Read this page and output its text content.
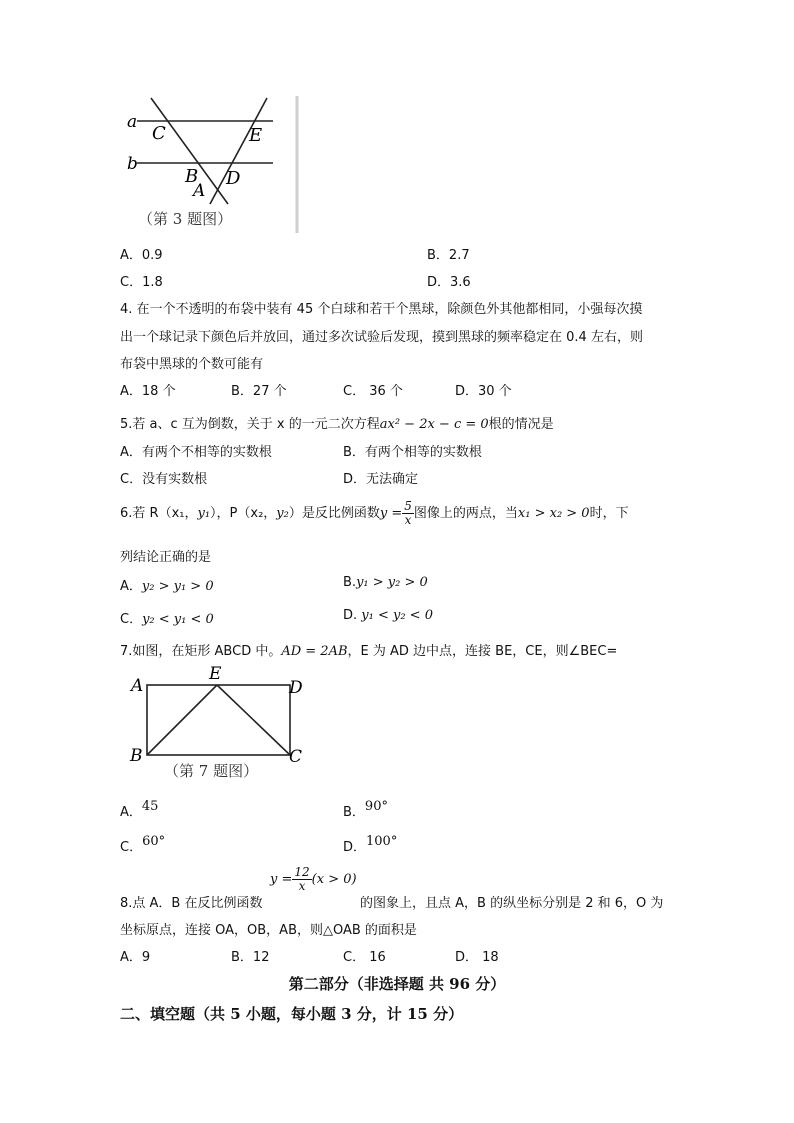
a
b
C	E
B
A
D
（第 3 题图）
A．0.9	B．2.7
C．1.8	D．3.6
4. 在一个不透明的布袋中装有 45 个白球和若干个黑球，除颜色外其他都相同，小强每次摸
出一个球记录下颜色后并放回，通过多次试验后发现，摸到黑球的频率稳定在 0.4 左右，则
布袋中黑球的个数可能有
A．18 个	B．27 个	C． 36 个	D．30 个
5.若 a、c 互为倒数，关于 x 的一元二次方程ax² − 2x − c = 0根的情况是
A．有两个不相等的实数根	B．有两个相等的实数根
C．没有实数根	D．无法确定
6.若 R（x₁，y₁），P（x₂，y₂）是反比例函数$y = \frac{5}{x}$ 图像上的两点，当x₁ > x₂ > 0时，下
列结论正确的是
A．y₂ > y₁ > 0	B.y₁ > y₂ > 0
C．y₂ < y₁ < 0	D. y₁ < y₂ < 0
7.如图，在矩形 ABCD 中。AD = 2AB，E 为 AD 边中点，连接 BE，CE，则∠BEC=
A
E
D
B	C
（第 7 题图）
A．45	B．90°
C．60°	D．100°
8.点 A．B 在反比例函数
$y = \frac{12}{x} (x > 0)$
的图象上，且点 A，B 的纵坐标分别是 2 和 6，O 为
坐标原点，连接 OA，OB，AB，则△OAB 的面积是
A．9	B．12	C． 16	D． 18
第二部分（非选择题 共 96 分）
二、填空题（共 5 小题，每小题 3 分，计 15 分）
